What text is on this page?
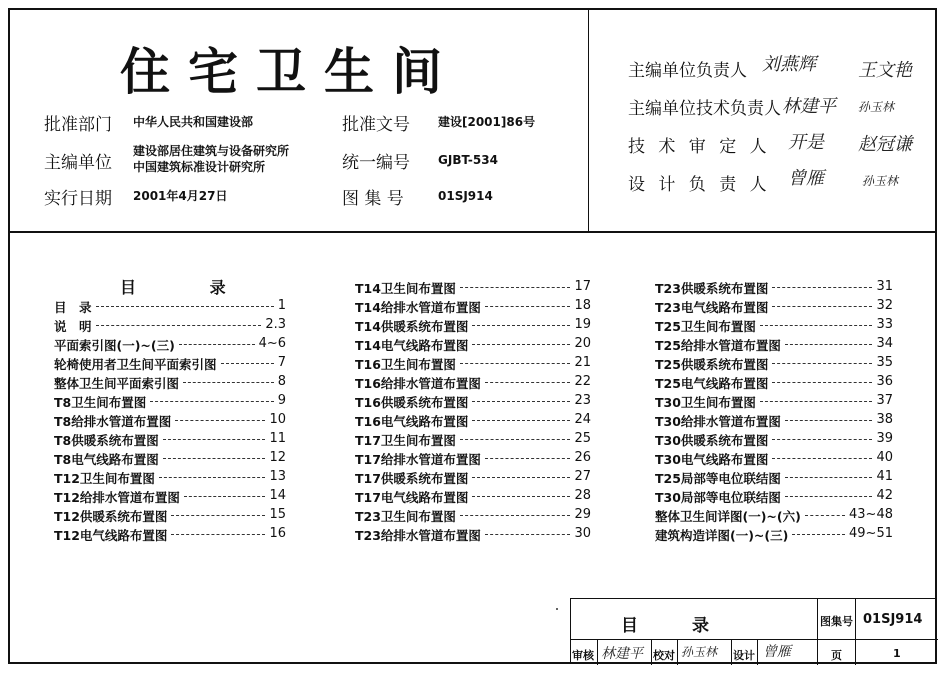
住宅卫生间
批准部门 中华人民共和国建设部
主编单位
建设部居住建筑与设备研究所
中国建筑标准设计研究所
实行日期 2001年4月27日
批准文号 建设[2001]86号
统一编号 GJBT-534
图 集 号	01SJ914
主编单位负责人 刘燕辉 王文艳
主编单位技术负责人 林建平 孙玉林
技 术 审 定 人 开是 赵冠谦
设 计 负 责 人 曾雁	孙玉林
目	录
目　录	1
说　明	2.3
平面索引图(一)~(三)	4~6
轮椅使用者卫生间平面索引图	7
整体卫生间平面索引图	8
T8卫生间布置图	9
T8给排水管道布置图	10
T8供暖系统布置图	11
T8电气线路布置图	12
T12卫生间布置图	13
T12给排水管道布置图	14
T12供暖系统布置图	15
T12电气线路布置图	16
T14卫生间布置图	17
T14给排水管道布置图	18
T14供暖系统布置图	19
T14电气线路布置图	20
T16卫生间布置图	21
T16给排水管道布置图	22
T16供暖系统布置图	23
T16电气线路布置图	24
T17卫生间布置图	25
T17给排水管道布置图	26
T17供暖系统布置图	27
T17电气线路布置图	28
T23卫生间布置图	29
T23给排水管道布置图	30
T23供暖系统布置图	31
T23电气线路布置图	32
T25卫生间布置图	33
T25给排水管道布置图	34
T25供暖系统布置图	35
T25电气线路布置图	36
T30卫生间布置图	37
T30给排水管道布置图	38
T30供暖系统布置图	39
T30电气线路布置图	40
T25局部等电位联结图	41
T30局部等电位联结图	42
整体卫生间详图(一)~(六)	43~48
建筑构造详图(一)~(三)	49~51
目录	图集号 01SJ914
审核 林建平 校对 孙玉林 设计 曾雁	页	1
